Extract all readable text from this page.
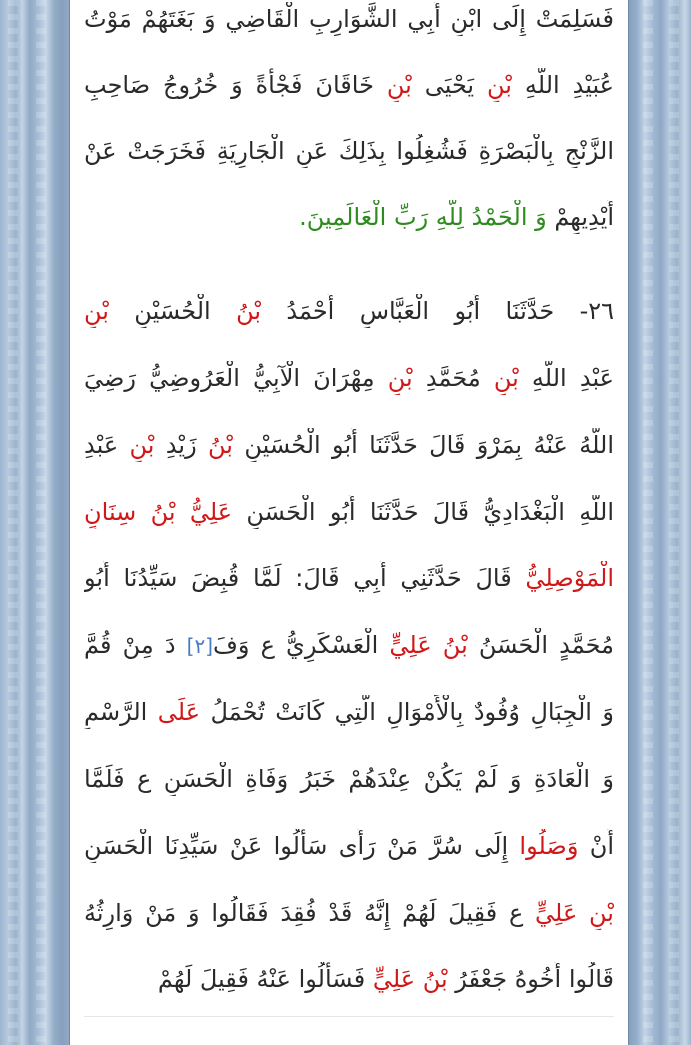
فَسَلِمَتْ إِلَى ابْنِ أَبِي الشَّوَارِبِ الْقَاضِي وَ بَغَتَهُمْ مَوْتُ
عُبَيْدِ اللَّهِ بْنِ يَحْيَى بْنِ خَاقَانَ فَجْأَةً وَ خُرُوجُ صَاحِبِ
الزَّنْجِ بِالْبَصْرَةِ فَشُغِلُوا بِذَلِكَ عَنِ الْجَارِيَةِ فَخَرَجَتْ عَنْ
أَيْدِيهِمْ وَ الْحَمْدُ لِلَّهِ رَبِّ الْعَالَمِينَ.
٢٦- حَدَّثَنَا أَبُو الْعَبَّاسِ أَحْمَدُ بْنُ الْحُسَيْنِ بْنِ
عَبْدِ اللَّهِ بْنِ مُحَمَّدِ بْنِ مِهْرَانَ الْآبِيُّ الْعَرُوضِيُّ رَضِيَ
اللَّهُ عَنْهُ بِمَرْوَ قَالَ حَدَّثَنَا أَبُو الْحُسَيْنِ بْنُ زَيْدِ بْنِ عَبْدِ
اللَّهِ الْبَغْدَادِيُّ قَالَ حَدَّثَنَا أَبُو الْحَسَنِ عَلِيُّ بْنُ سِنَانٍ
الْمَوْصِلِيُّ قَالَ حَدَّثَنِي أَبِي قَالَ: لَمَّا قُبِضَ سَيِّدُنَا أَبُو
مُحَمَّدٍ الْحَسَنُ بْنُ عَلِيٍّ الْعَسْكَرِيُّ ع وَفَ[٢] دَ مِنْ قُمَّ
وَ الْجِبَالِ وُفُودٌ بِالْأَمْوَالِ الَّتِي كَانَتْ تُحْمَلُ عَلَى الرَّسْمِ
وَ الْعَادَةِ وَ لَمْ يَكُنْ عِنْدَهُمْ خَبَرُ وَفَاةِ الْحَسَنِ ع فَلَمَّا
أَنْ وَصَلُوا إِلَى سُرَّ مَنْ رَأَى سَأَلُوا عَنْ سَيِّدِنَا الْحَسَنِ
بْنِ عَلِيٍّ ع فَقِيلَ لَهُمْ إِنَّهُ قَدْ فُقِدَ فَقَالُوا وَ مَنْ وَارِثُهُ
قَالُوا أَخُوهُ جَعْفَرُ بْنُ عَلِيٍّ فَسَأَلُوا عَنْهُ فَقِيلَ لَهُمْ
